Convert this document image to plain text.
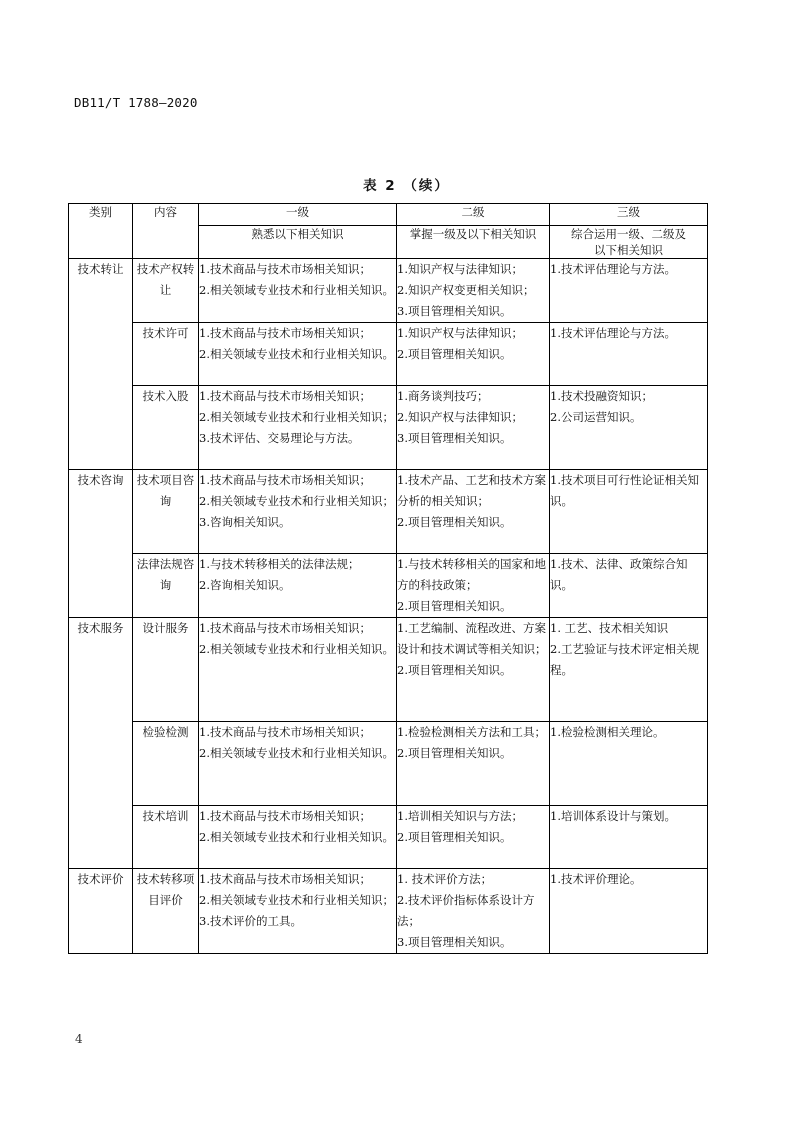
DB11/T 1788—2020
表 2 （续）
类别	内容	一级	二级	三级
		熟悉以下相关知识	掌握一级及以下相关知识	综合运用一级、二级及以下相关知识
技术转让	技术产权转让	1.技术商品与技术市场相关知识；
2.相关领域专业技术和行业相关知识。	1.知识产权与法律知识；
2.知识产权变更相关知识；
3.项目管理相关知识。	1.技术评估理论与方法。

	技术许可	1.技术商品与技术市场相关知识；
2.相关领域专业技术和行业相关知识。	1.知识产权与法律知识；
2.项目管理相关知识。	1.技术评估理论与方法。

	技术入股	1.技术商品与技术市场相关知识；
2.相关领域专业技术和行业相关知识；
3.技术评估、交易理论与方法。	1.商务谈判技巧；
2.知识产权与法律知识；
3.项目管理相关知识。	1.技术投融资知识；
2.公司运营知识。

技术咨询	技术项目咨询	1.技术商品与技术市场相关知识；
2.相关领域专业技术和行业相关知识；
3.咨询相关知识。	1.技术产品、工艺和技术方案分析的相关知识；
2.项目管理相关知识。	1.技术项目可行性论证相关知识。

	法律法规咨询	1.与技术转移相关的法律法规；
2.咨询相关知识。	1.与技术转移相关的国家和地方的科技政策；
2.项目管理相关知识。	1.技术、法律、政策综合知识。

技术服务	设计服务	1.技术商品与技术市场相关知识；
2.相关领域专业技术和行业相关知识。	1.工艺编制、流程改进、方案设计和技术调试等相关知识；
2.项目管理相关知识。	1. 工艺、技术相关知识
2.工艺验证与技术评定相关规程。

	检验检测	1.技术商品与技术市场相关知识；
2.相关领域专业技术和行业相关知识。	1.检验检测相关方法和工具；
2.项目管理相关知识。	1.检验检测相关理论。

	技术培训	1.技术商品与技术市场相关知识；
2.相关领域专业技术和行业相关知识。	1.培训相关知识与方法；
2.项目管理相关知识。	1.培训体系设计与策划。

技术评价	技术转移项目评价	1.技术商品与技术市场相关知识；
2.相关领域专业技术和行业相关知识；
3.技术评价的工具。	1. 技术评价方法；
2.技术评价指标体系设计方法；
3.项目管理相关知识。	1.技术评价理论。
4
